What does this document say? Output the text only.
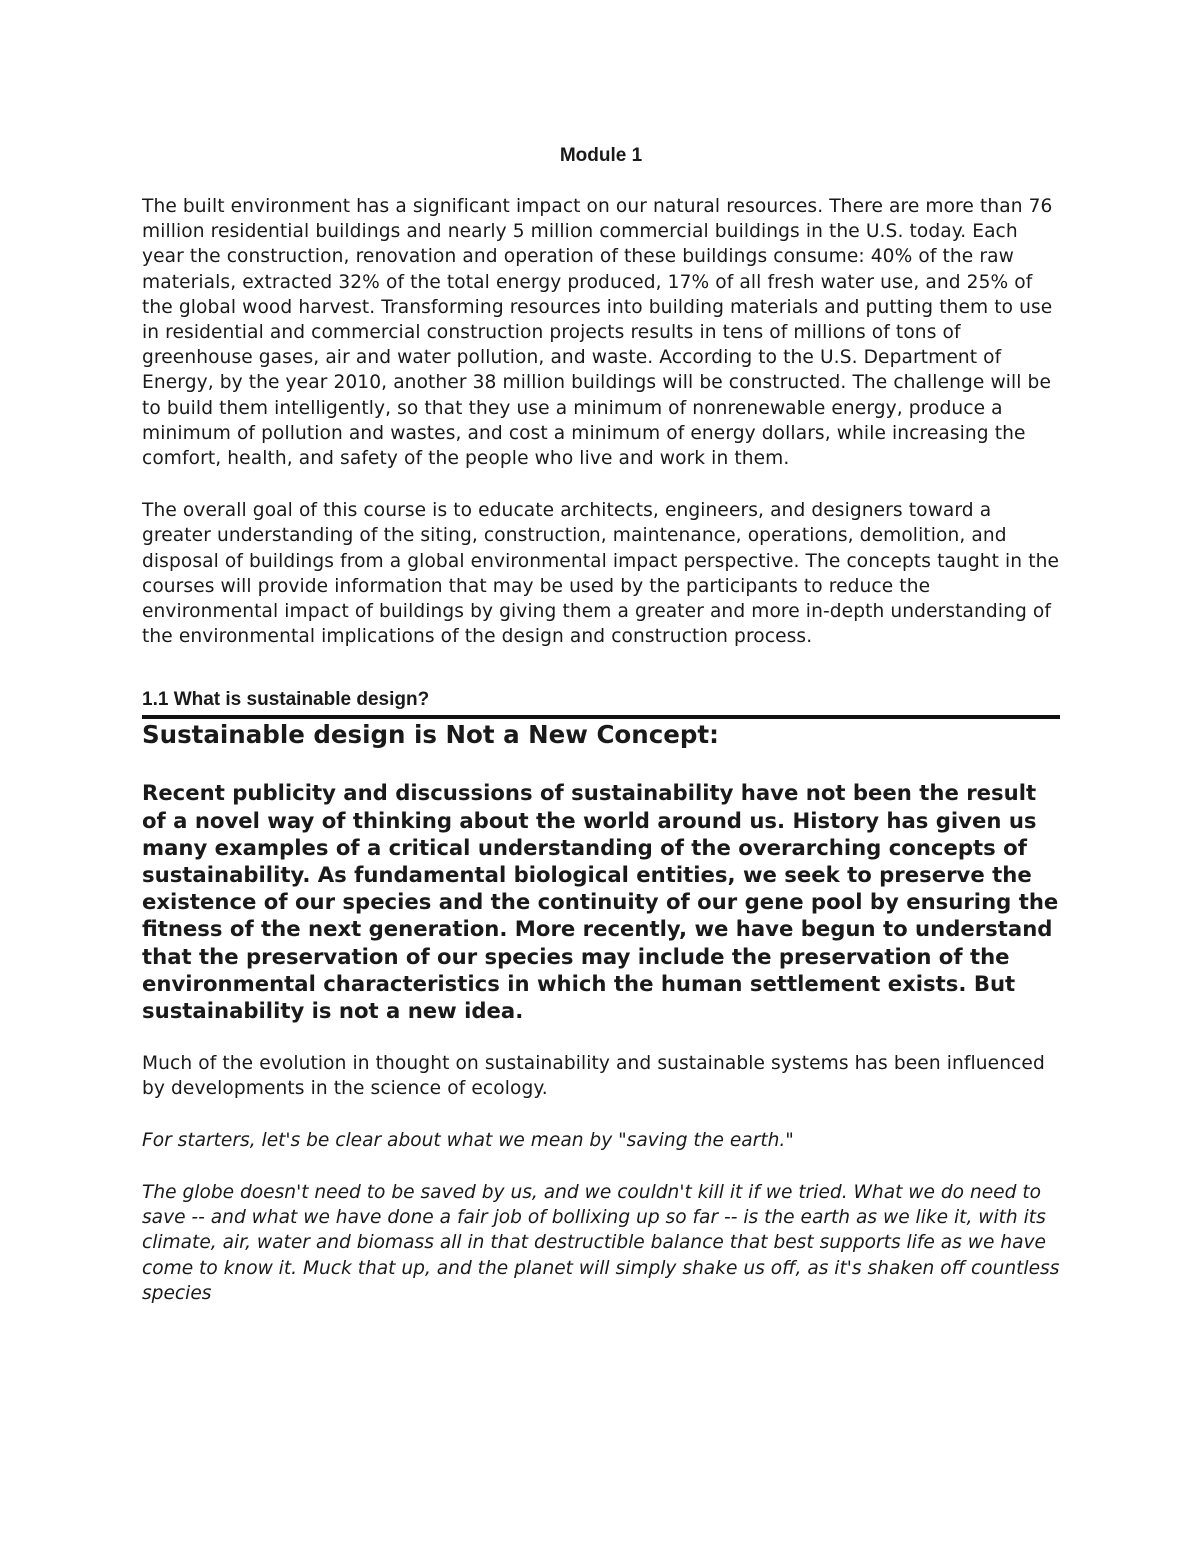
Module 1

The built environment has a significant impact on our natural resources. There are more than 76 million residential buildings and nearly 5 million commercial buildings in the U.S. today. Each year the construction, renovation and operation of these buildings consume: 40% of the raw materials, extracted 32% of the total energy produced, 17% of all fresh water use, and 25% of the global wood harvest. Transforming resources into building materials and putting them to use in residential and commercial construction projects results in tens of millions of tons of greenhouse gases, air and water pollution, and waste. According to the U.S. Department of Energy, by the year 2010, another 38 million buildings will be constructed. The challenge will be to build them intelligently, so that they use a minimum of nonrenewable energy, produce a minimum of pollution and wastes, and cost a minimum of energy dollars, while increasing the comfort, health, and safety of the people who live and work in them.

The overall goal of this course is to educate architects, engineers, and designers toward a greater understanding of the siting, construction, maintenance, operations, demolition, and disposal of buildings from a global environmental impact perspective. The concepts taught in the courses will provide information that may be used by the participants to reduce the environmental impact of buildings by giving them a greater and more in-depth understanding of the environmental implications of the design and construction process.

1.1 What is sustainable design?
Sustainable design is Not a New Concept:

Recent publicity and discussions of sustainability have not been the result of a novel way of thinking about the world around us. History has given us many examples of a critical understanding of the overarching concepts of sustainability. As fundamental biological entities, we seek to preserve the existence of our species and the continuity of our gene pool by ensuring the fitness of the next generation. More recently, we have begun to understand that the preservation of our species may include the preservation of the environmental characteristics in which the human settlement exists. But sustainability is not a new idea.

Much of the evolution in thought on sustainability and sustainable systems has been influenced by developments in the science of ecology.

For starters, let's be clear about what we mean by "saving the earth."

The globe doesn't need to be saved by us, and we couldn't kill it if we tried. What we do need to save -- and what we have done a fair job of bollixing up so far -- is the earth as we like it, with its climate, air, water and biomass all in that destructible balance that best supports life as we have come to know it. Muck that up, and the planet will simply shake us off, as it's shaken off countless species
